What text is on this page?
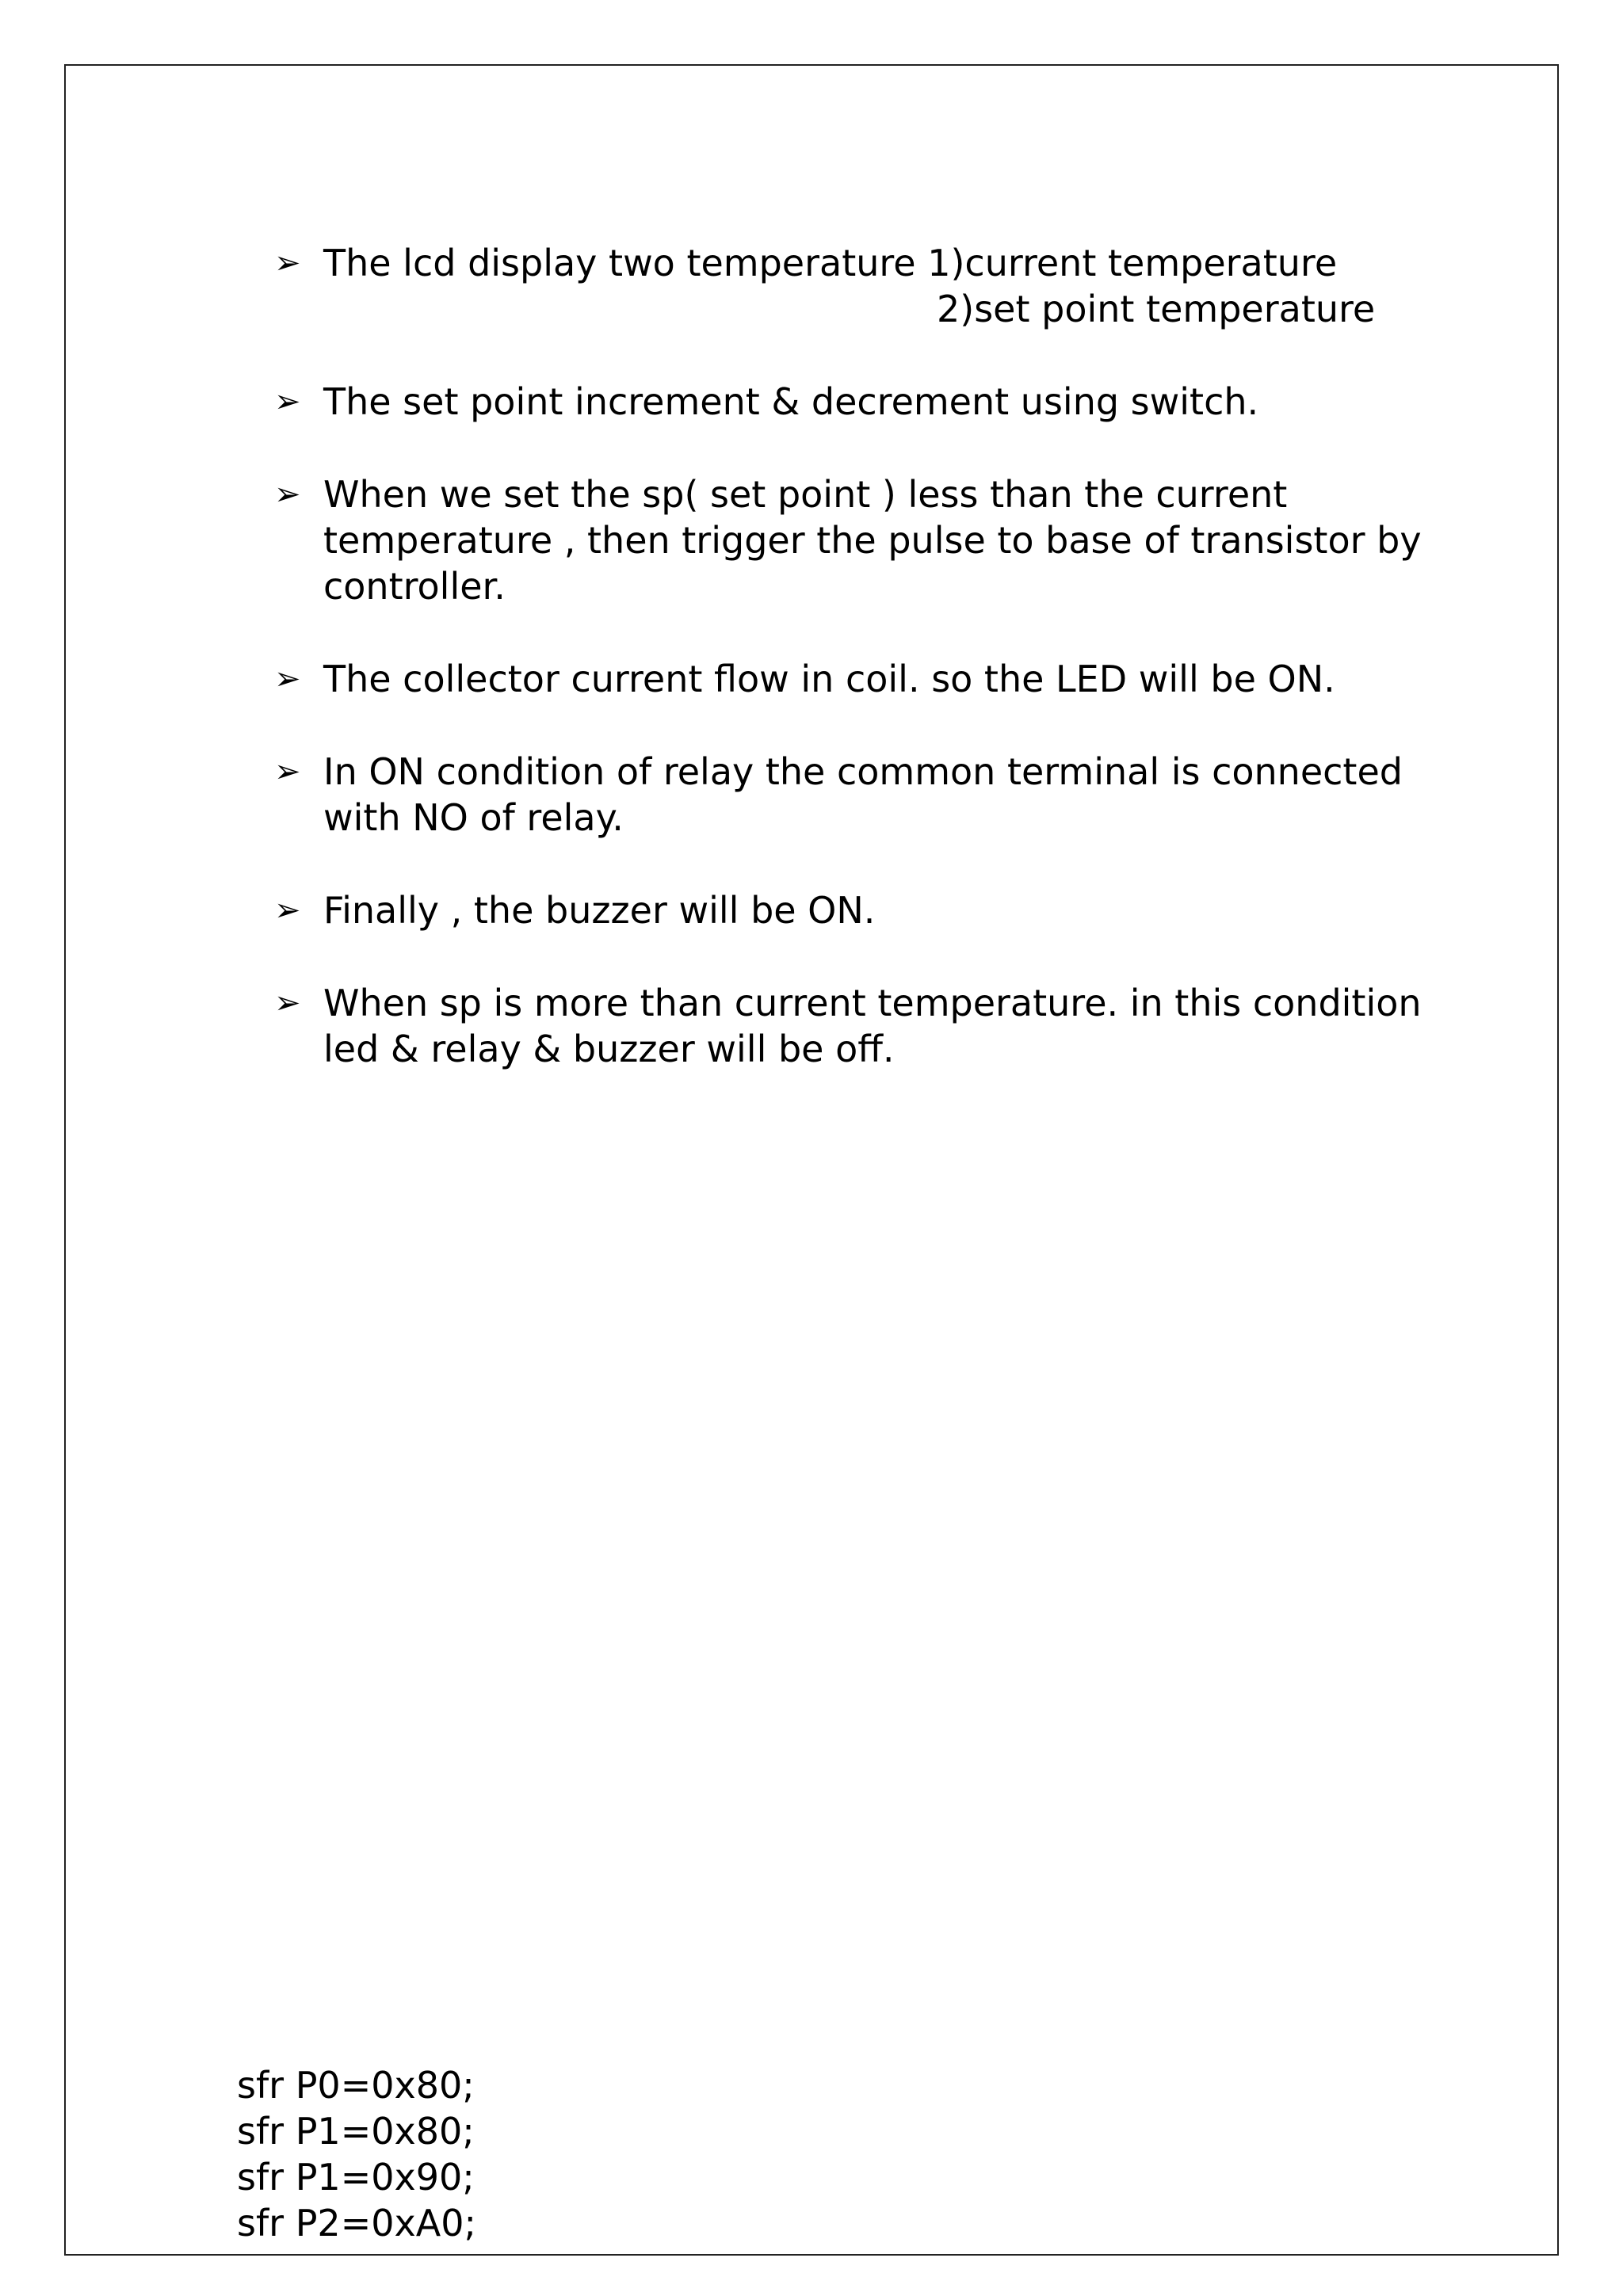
➢ The lcd display two temperature 1)current temperature
2)set point temperature
➢ The set point increment & decrement using switch.
➢ When we set the sp( set point ) less than the current
temperature , then trigger the pulse to base of transistor by
controller.
➢ The collector current flow in coil. so the LED will be ON.
➢ In ON condition of relay the common terminal is connected
with NO of relay.
➢ Finally , the buzzer will be ON.
➢ When sp is more than current temperature. in this condition
led & relay & buzzer will be off.
sfr P0=0x80;
sfr P1=0x80;
sfr P1=0x90;
sfr P2=0xA0;
